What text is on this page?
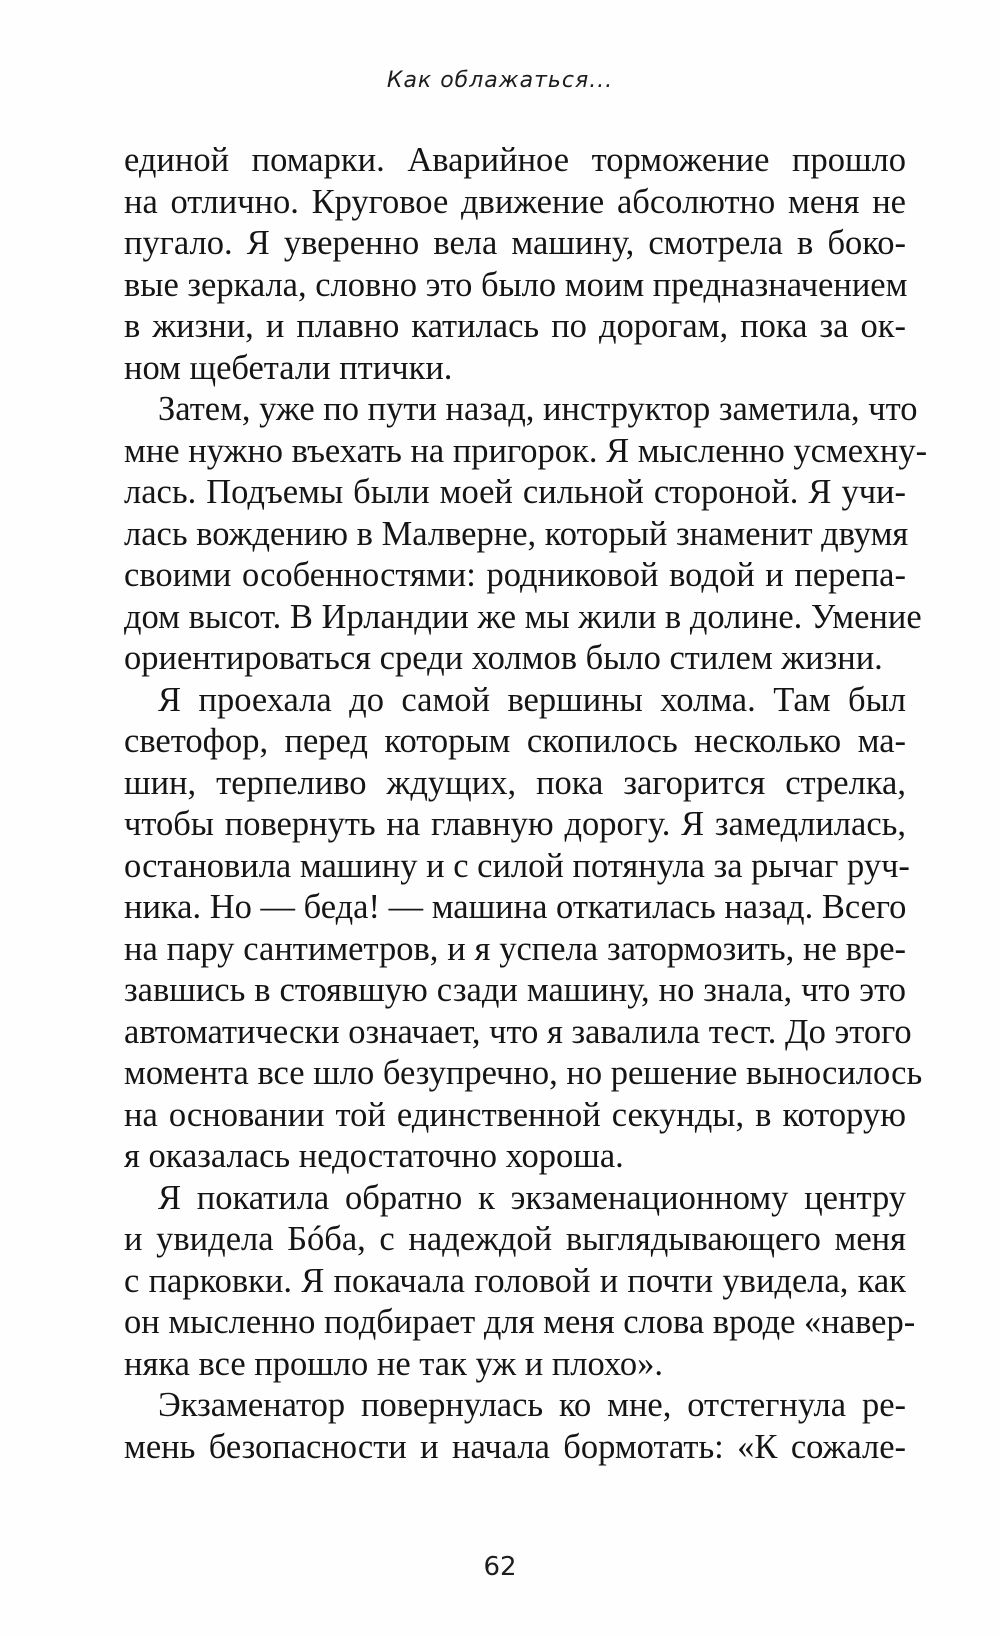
Как облажаться...
единой помарки. Аварийное торможение прошло
на отлично. Круговое движение абсолютно меня не
пугало. Я уверенно вела машину, смотрела в боко-
вые зеркала, словно это было моим предназначением
в жизни, и плавно катилась по дорогам, пока за ок-
ном щебетали птички.
Затем, уже по пути назад, инструктор заметила, что
мне нужно въехать на пригорок. Я мысленно усмехну-
лась. Подъемы были моей сильной стороной. Я учи-
лась вождению в Малверне, который знаменит двумя
своими особенностями: родниковой водой и перепа-
дом высот. В Ирландии же мы жили в долине. Умение
ориентироваться среди холмов было стилем жизни.
Я проехала до самой вершины холма. Там был
светофор, перед которым скопилось несколько ма-
шин, терпеливо ждущих, пока загорится стрелка,
чтобы повернуть на главную дорогу. Я замедлилась,
остановила машину и с силой потянула за рычаг руч-
ника. Но — беда! — машина откатилась назад. Всего
на пару сантиметров, и я успела затормозить, не вре-
завшись в стоявшую сзади машину, но знала, что это
автоматически означает, что я завалила тест. До этого
момента все шло безупречно, но решение выносилось
на основании той единственной секунды, в которую
я оказалась недостаточно хороша.
Я покатила обратно к экзаменационному центру
и увидела Бóба, с надеждой выглядывающего меня
с парковки. Я покачала головой и почти увидела, как
он мысленно подбирает для меня слова вроде «навер-
няка все прошло не так уж и плохо».
Экзаменатор повернулась ко мне, отстегнула ре-
мень безопасности и начала бормотать: «К сожале-
62
